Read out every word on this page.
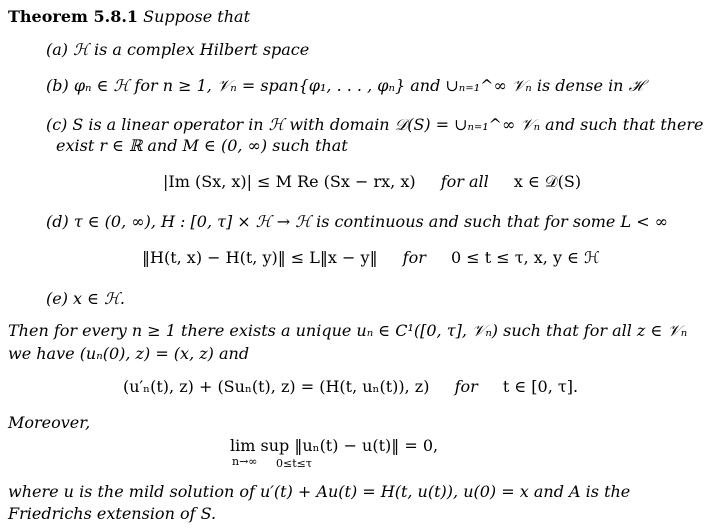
Theorem 5.8.1 Suppose that
(a) ℋ is a complex Hilbert space
(b) φₙ ∈ ℋ for n ≥ 1, 𝒱ₙ = span{φ₁, . . . , φₙ} and ∪ₙ₌₁^∞ 𝒱ₙ is dense in ℋ
(c) S is a linear operator in ℋ with domain 𝒟(S) = ∪ₙ₌₁^∞ 𝒱ₙ and such that there
exist r ∈ ℝ and M ∈ (0, ∞) such that
|Im (Sx, x)| ≤ M Re (Sx − rx, x) for all x ∈ 𝒟(S)
(d) τ ∈ (0, ∞), H : [0, τ] × ℋ → ℋ is continuous and such that for some L < ∞
‖H(t, x) − H(t, y)‖ ≤ L‖x − y‖ for 0 ≤ t ≤ τ, x, y ∈ ℋ
(e) x ∈ ℋ.
Then for every n ≥ 1 there exists a unique uₙ ∈ C¹([0, τ], 𝒱ₙ) such that for all z ∈ 𝒱ₙ
we have (uₙ(0), z) = (x, z) and
(u′ₙ(t), z) + (Suₙ(t), z) = (H(t, uₙ(t)), z) for t ∈ [0, τ].
Moreover,
lim sup ‖uₙ(t) − u(t)‖ = 0,
n→∞ 0≤t≤τ
where u is the mild solution of u′(t) + Au(t) = H(t, u(t)), u(0) = x and A is the
Friedrichs extension of S.
